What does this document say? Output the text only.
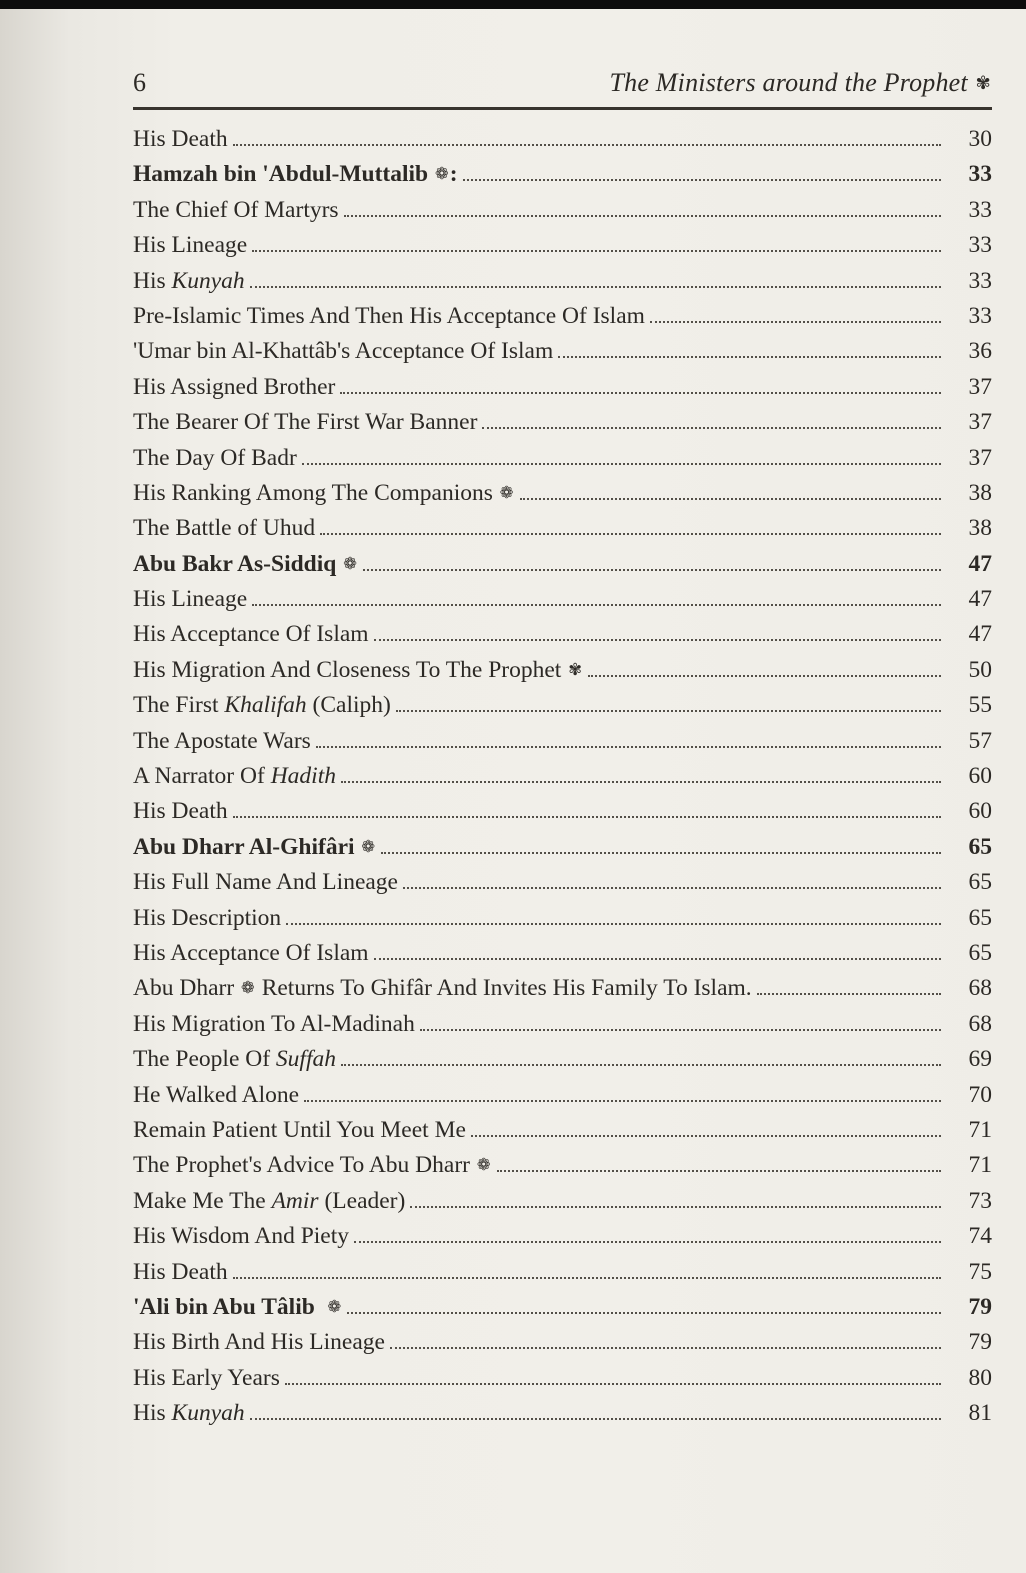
6	The Ministers around the Prophet ✾
His Death	30
Hamzah bin 'Abdul-Muttalib ❁:	33
The Chief Of Martyrs	33
His Lineage	33
His Kunyah	33
Pre-Islamic Times And Then His Acceptance Of Islam	33
'Umar bin Al-Khattâb's Acceptance Of Islam	36
His Assigned Brother	37
The Bearer Of The First War Banner	37
The Day Of Badr	37
His Ranking Among The Companions ❁	38
The Battle of Uhud	38
Abu Bakr As-Siddiq ❁	47
His Lineage	47
His Acceptance Of Islam	47
His Migration And Closeness To The Prophet ✾	50
The First Khalifah (Caliph)	55
The Apostate Wars	57
A Narrator Of Hadith	60
His Death	60
Abu Dharr Al-Ghifâri ❁	65
His Full Name And Lineage	65
His Description	65
His Acceptance Of Islam	65
Abu Dharr ❁ Returns To Ghifâr And Invites His Family To Islam.	68
His Migration To Al-Madinah	68
The People Of Suffah	69
He Walked Alone	70
Remain Patient Until You Meet Me	71
The Prophet's Advice To Abu Dharr ❁	71
Make Me The Amir (Leader)	73
His Wisdom And Piety	74
His Death	75
'Ali bin Abu Tâlib  ❁	79
His Birth And His Lineage	79
His Early Years	80
His Kunyah	81
